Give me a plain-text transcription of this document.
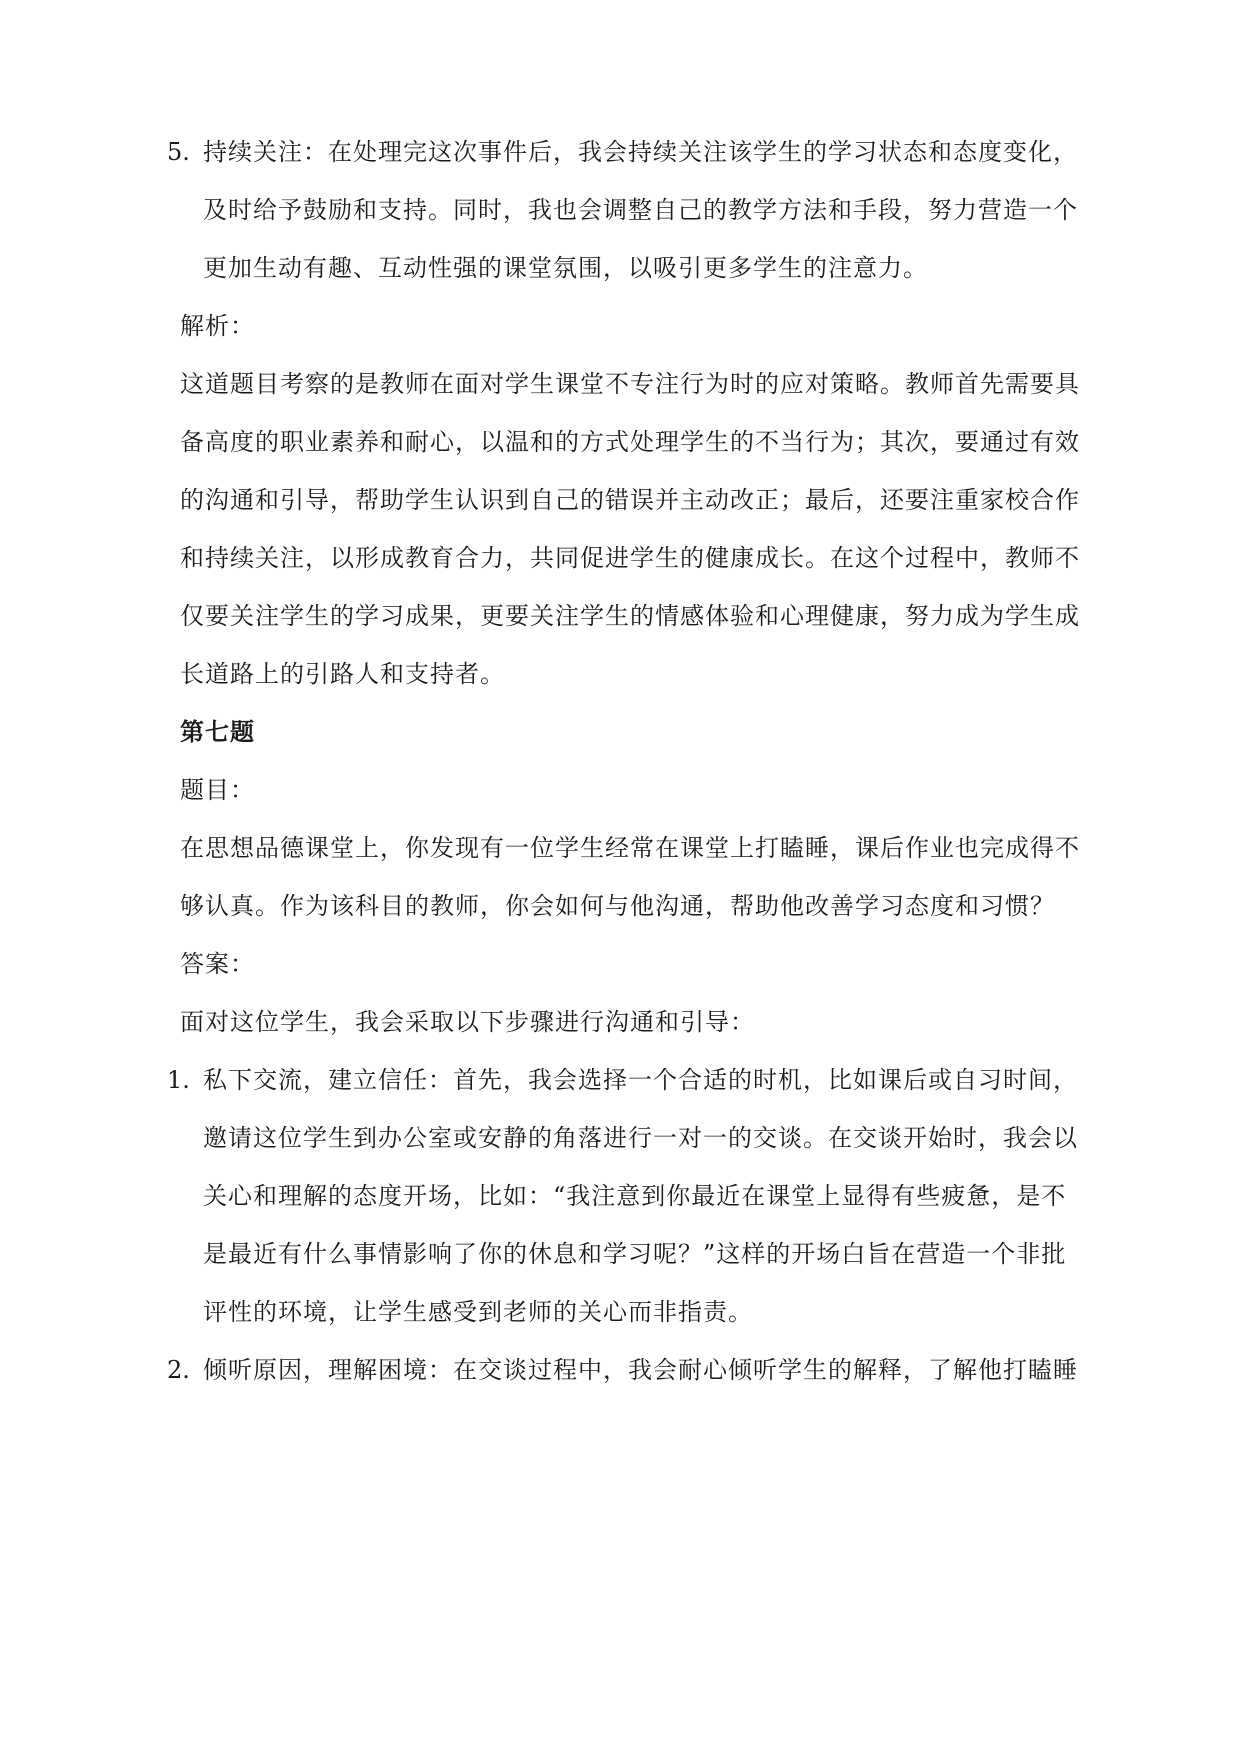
5. 持续关注：在处理完这次事件后，我会持续关注该学生的学习状态和态度变化，
及时给予鼓励和支持。同时，我也会调整自己的教学方法和手段，努力营造一个
更加生动有趣、互动性强的课堂氛围，以吸引更多学生的注意力。
解析：
这道题目考察的是教师在面对学生课堂不专注行为时的应对策略。教师首先需要具
备高度的职业素养和耐心，以温和的方式处理学生的不当行为；其次，要通过有效
的沟通和引导，帮助学生认识到自己的错误并主动改正；最后，还要注重家校合作
和持续关注，以形成教育合力，共同促进学生的健康成长。在这个过程中，教师不
仅要关注学生的学习成果，更要关注学生的情感体验和心理健康，努力成为学生成
长道路上的引路人和支持者。
第七题
题目：
在思想品德课堂上，你发现有一位学生经常在课堂上打瞌睡，课后作业也完成得不
够认真。作为该科目的教师，你会如何与他沟通，帮助他改善学习态度和习惯？
答案：
面对这位学生，我会采取以下步骤进行沟通和引导：
1. 私下交流，建立信任：首先，我会选择一个合适的时机，比如课后或自习时间，
邀请这位学生到办公室或安静的角落进行一对一的交谈。在交谈开始时，我会以
关心和理解的态度开场，比如：“我注意到你最近在课堂上显得有些疲惫，是不
是最近有什么事情影响了你的休息和学习呢？”这样的开场白旨在营造一个非批
评性的环境，让学生感受到老师的关心而非指责。
2. 倾听原因，理解困境：在交谈过程中，我会耐心倾听学生的解释，了解他打瞌睡
